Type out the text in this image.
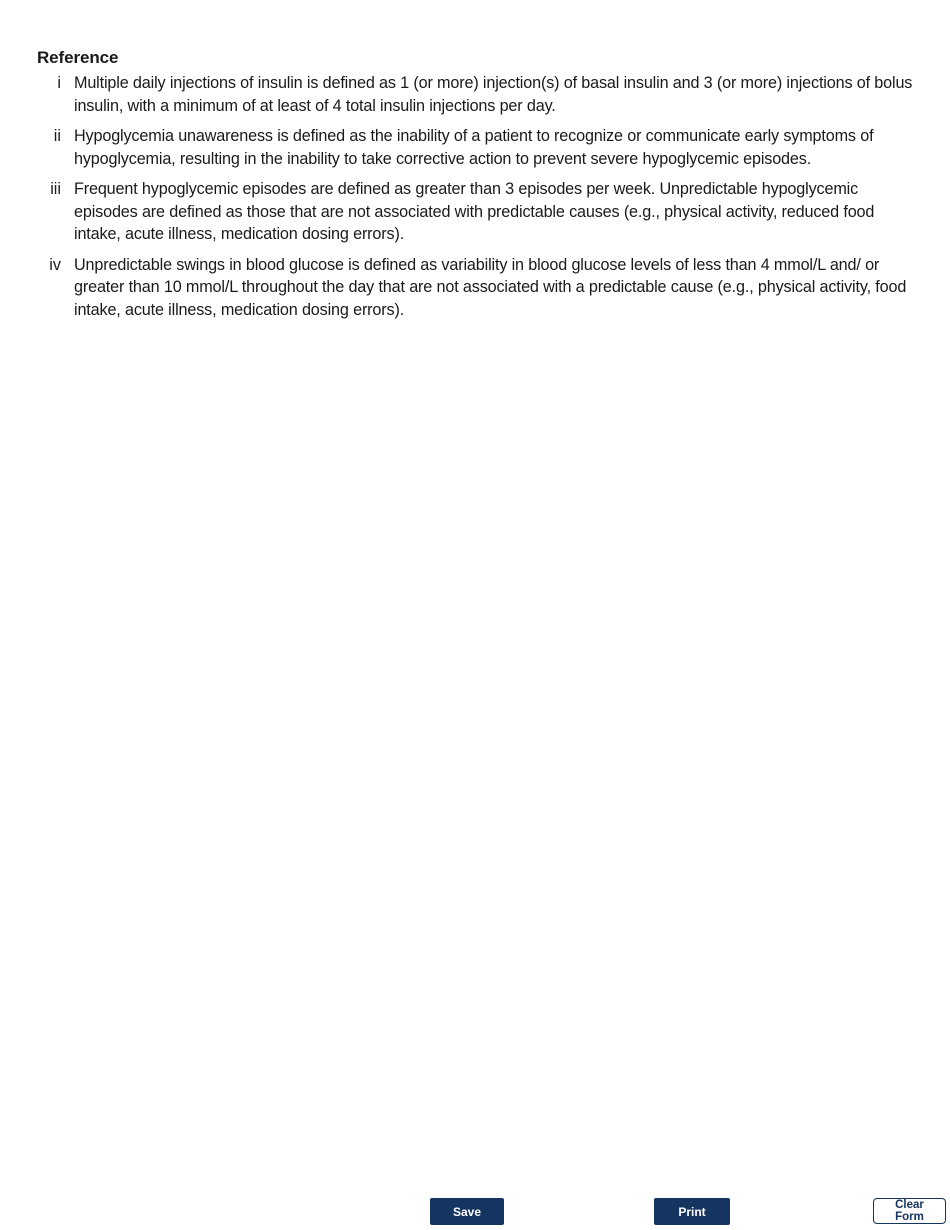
Reference
i Multiple daily injections of insulin is defined as 1 (or more) injection(s) of basal insulin and 3 (or more) injections of bolus insulin, with a minimum of at least of 4 total insulin injections per day.
ii Hypoglycemia unawareness is defined as the inability of a patient to recognize or communicate early symptoms of hypoglycemia, resulting in the inability to take corrective action to prevent severe hypoglycemic episodes.
iii Frequent hypoglycemic episodes are defined as greater than 3 episodes per week. Unpredictable hypoglycemic episodes are defined as those that are not associated with predictable causes (e.g., physical activity, reduced food intake, acute illness, medication dosing errors).
iv Unpredictable swings in blood glucose is defined as variability in blood glucose levels of less than 4 mmol/L and/ or greater than 10 mmol/L throughout the day that are not associated with a predictable cause (e.g., physical activity, food intake, acute illness, medication dosing errors).
Save	Print	Clear Form
